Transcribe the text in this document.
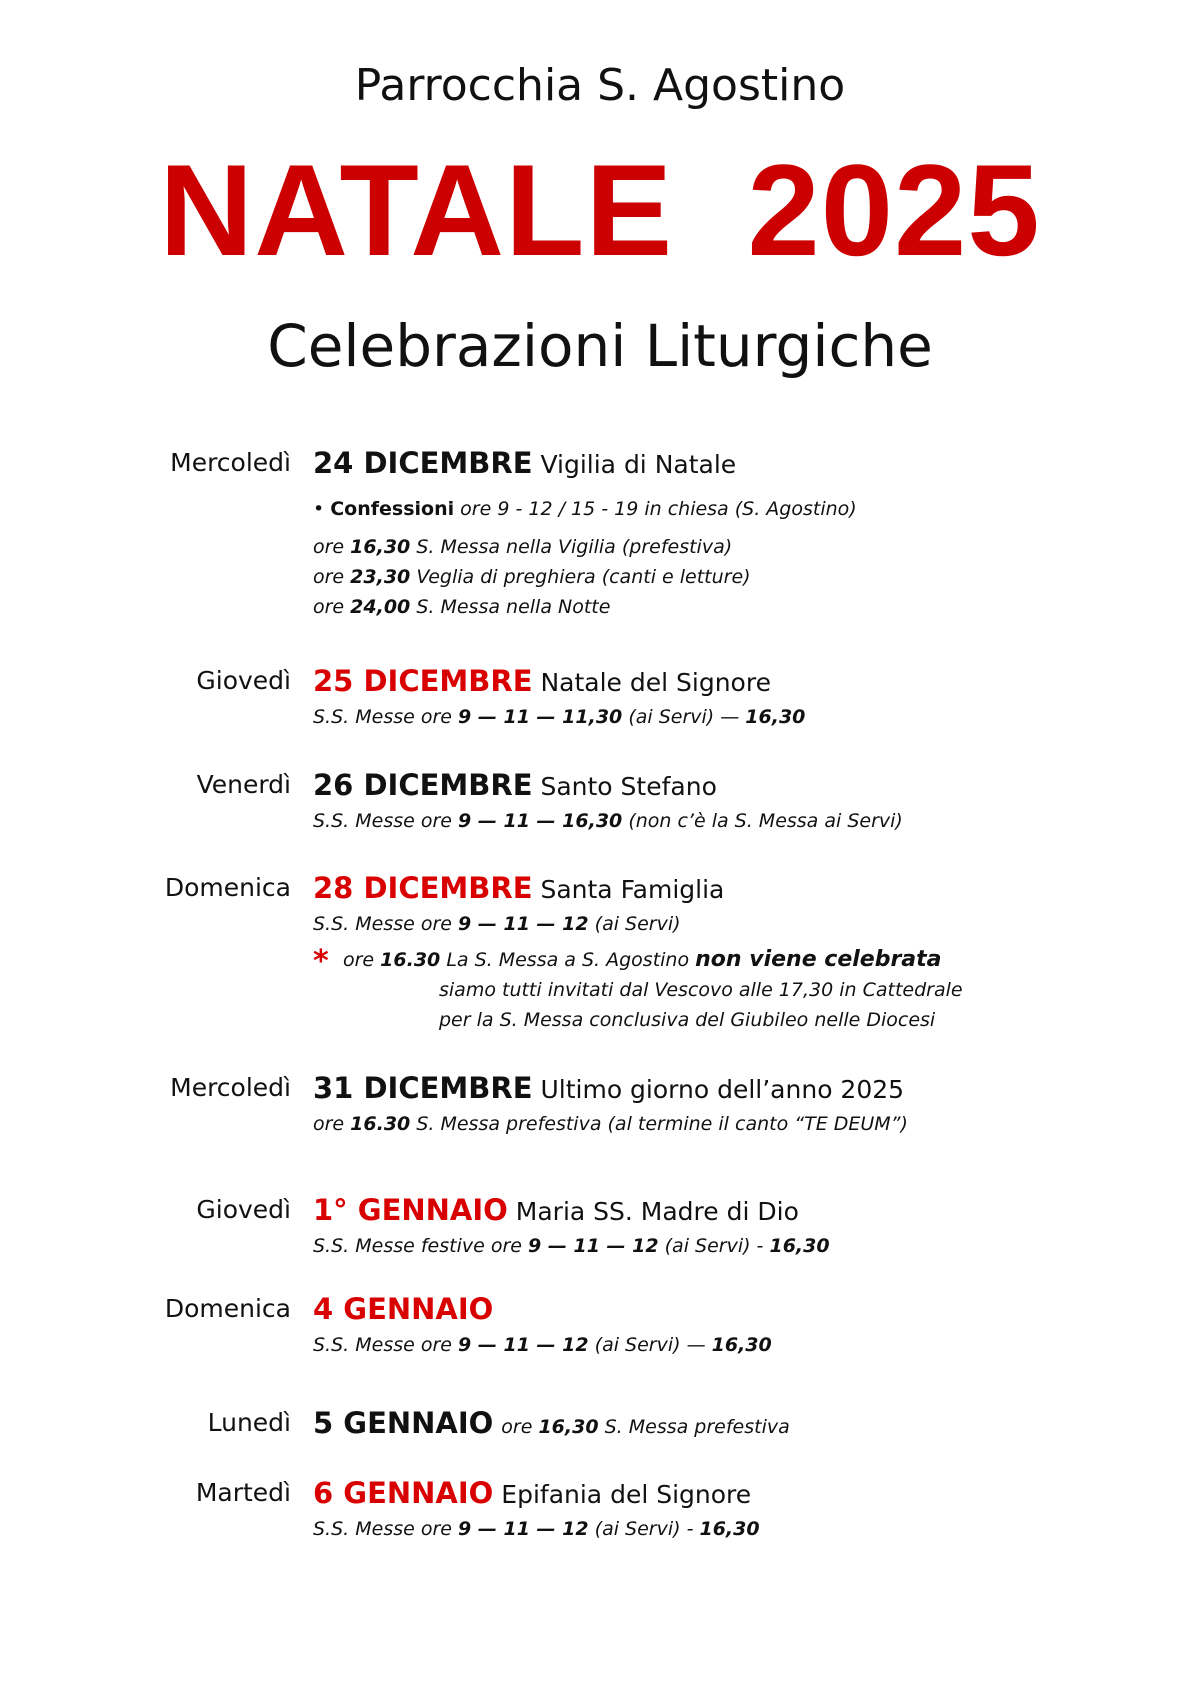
Parrocchia S. Agostino
NATALE  2025
Celebrazioni Liturgiche
Mercoledì 24 DICEMBRE Vigilia di Natale
• Confessioni ore 9 - 12 / 15 - 19 in chiesa (S. Agostino)
ore 16,30 S. Messa nella Vigilia (prefestiva)
ore 23,30 Veglia di preghiera (canti e letture)
ore 24,00 S. Messa nella Notte
Giovedì 25 DICEMBRE Natale del Signore
S.S. Messe ore 9 — 11 — 11,30 (ai Servi) — 16,30
Venerdì 26 DICEMBRE Santo Stefano
S.S. Messe ore 9 — 11 — 16,30 (non c’è la S. Messa ai Servi)
Domenica 28 DICEMBRE Santa Famiglia
S.S. Messe ore 9 — 11 — 12 (ai Servi)
* ore 16.30 La S. Messa a S. Agostino non viene celebrata
siamo tutti invitati dal Vescovo alle 17,30 in Cattedrale
per la S. Messa conclusiva del Giubileo nelle Diocesi
Mercoledì 31 DICEMBRE Ultimo giorno dell’anno 2025
ore 16.30 S. Messa prefestiva (al termine il canto “TE DEUM”)
Giovedì 1° GENNAIO Maria SS. Madre di Dio
S.S. Messe festive ore 9 — 11 — 12 (ai Servi) - 16,30
Domenica 4 GENNAIO
S.S. Messe ore 9 — 11 — 12 (ai Servi) — 16,30
Lunedì 5 GENNAIO ore 16,30 S. Messa prefestiva
Martedì 6 GENNAIO Epifania del Signore
S.S. Messe ore 9 — 11 — 12 (ai Servi) - 16,30
